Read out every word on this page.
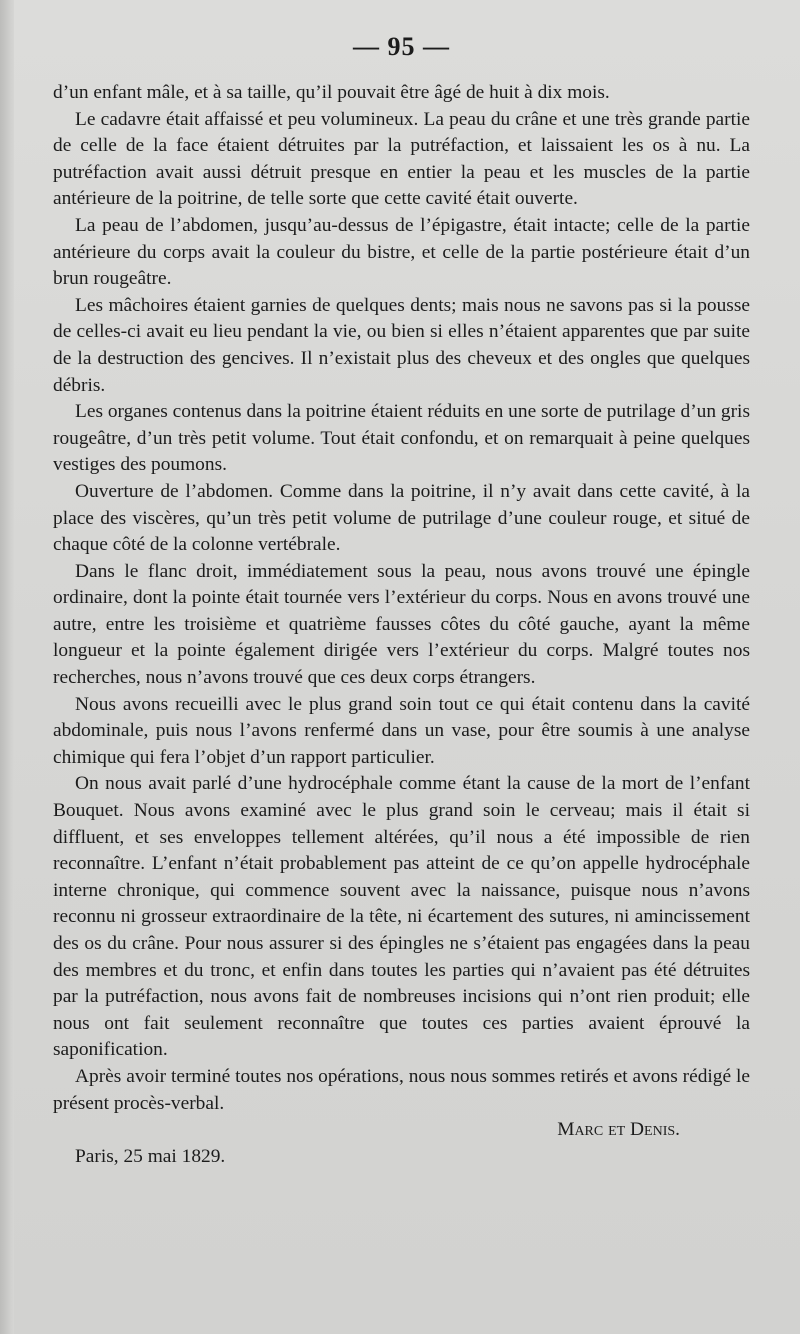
— 95 —

d’un enfant mâle, et à sa taille, qu’il pouvait être âgé de huit à dix mois.

Le cadavre était affaissé et peu volumineux. La peau du crâne et une très grande partie de celle de la face étaient détruites par la putréfaction, et laissaient les os à nu. La putréfaction avait aussi détruit presque en entier la peau et les muscles de la partie antérieure de la poitrine, de telle sorte que cette cavité était ouverte.

La peau de l’abdomen, jusqu’au-dessus de l’épigastre, était intacte; celle de la partie antérieure du corps avait la couleur du bistre, et celle de la partie postérieure était d’un brun rougeâtre.

Les mâchoires étaient garnies de quelques dents; mais nous ne savons pas si la pousse de celles-ci avait eu lieu pendant la vie, ou bien si elles n’étaient apparentes que par suite de la destruction des gencives. Il n’existait plus des cheveux et des ongles que quelques débris.

Les organes contenus dans la poitrine étaient réduits en une sorte de putrilage d’un gris rougeâtre, d’un très petit volume. Tout était confondu, et on remarquait à peine quelques vestiges des poumons.

Ouverture de l’abdomen. Comme dans la poitrine, il n’y avait dans cette cavité, à la place des viscères, qu’un très petit volume de putrilage d’une couleur rouge, et situé de chaque côté de la colonne vertébrale.

Dans le flanc droit, immédiatement sous la peau, nous avons trouvé une épingle ordinaire, dont la pointe était tournée vers l’extérieur du corps. Nous en avons trouvé une autre, entre les troisième et quatrième fausses côtes du côté gauche, ayant la même longueur et la pointe également dirigée vers l’extérieur du corps. Malgré toutes nos recherches, nous n’avons trouvé que ces deux corps étrangers.

Nous avons recueilli avec le plus grand soin tout ce qui était contenu dans la cavité abdominale, puis nous l’avons renfermé dans un vase, pour être soumis à une analyse chimique qui fera l’objet d’un rapport particulier.

On nous avait parlé d’une hydrocéphale comme étant la cause de la mort de l’enfant Bouquet. Nous avons examiné avec le plus grand soin le cerveau; mais il était si diffluent, et ses enveloppes tellement altérées, qu’il nous a été impossible de rien reconnaître. L’enfant n’était probablement pas atteint de ce qu’on appelle hydrocéphale interne chronique, qui commence souvent avec la naissance, puisque nous n’avons reconnu ni grosseur extraordinaire de la tête, ni écartement des sutures, ni amincissement des os du crâne. Pour nous assurer si des épingles ne s’étaient pas engagées dans la peau des membres et du tronc, et enfin dans toutes les parties qui n’avaient pas été détruites par la putréfaction, nous avons fait de nombreuses incisions qui n’ont rien produit; elle nous ont fait seulement reconnaître que toutes ces parties avaient éprouvé la saponification.

Après avoir terminé toutes nos opérations, nous nous sommes retirés et avons rédigé le présent procès-verbal.

Marc et Denis.

Paris, 25 mai 1829.
